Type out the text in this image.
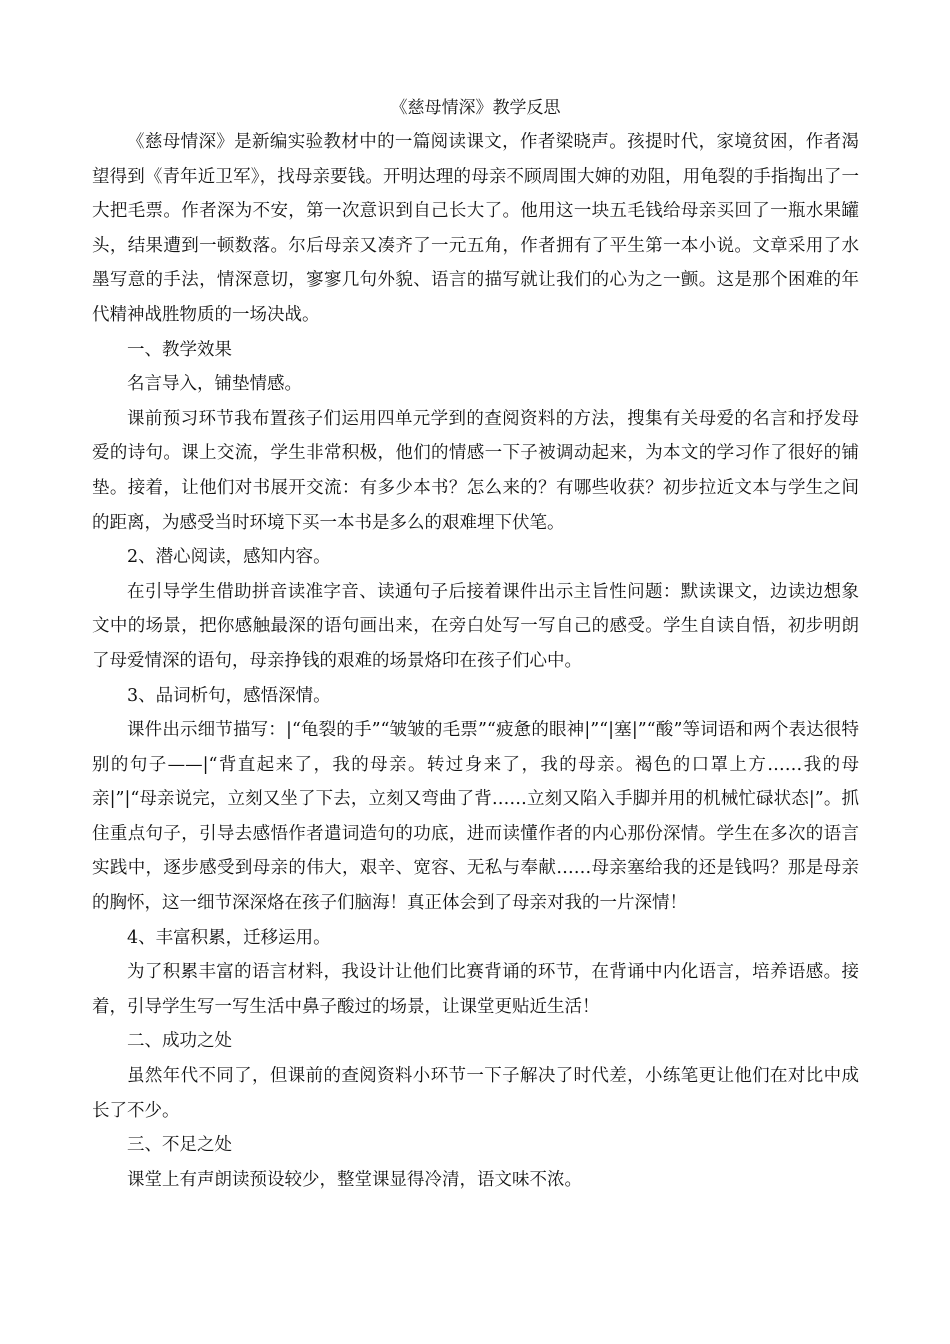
《慈母情深》教学反思

《慈母情深》是新编实验教材中的一篇阅读课文，作者梁晓声。孩提时代，家境贫困，作者渴望得到《青年近卫军》，找母亲要钱。开明达理的母亲不顾周围大婶的劝阻，用龟裂的手指掏出了一大把毛票。作者深为不安，第一次意识到自己长大了。他用这一块五毛钱给母亲买回了一瓶水果罐头，结果遭到一顿数落。尔后母亲又凑齐了一元五角，作者拥有了平生第一本小说。文章采用了水墨写意的手法，情深意切，寥寥几句外貌、语言的描写就让我们的心为之一颤。这是那个困难的年代精神战胜物质的一场决战。

一、教学效果

名言导入，铺垫情感。

课前预习环节我布置孩子们运用四单元学到的查阅资料的方法，搜集有关母爱的名言和抒发母爱的诗句。课上交流，学生非常积极，他们的情感一下子被调动起来，为本文的学习作了很好的铺垫。接着，让他们对书展开交流：有多少本书？怎么来的？有哪些收获？初步拉近文本与学生之间的距离，为感受当时环境下买一本书是多么的艰难埋下伏笔。

2、潜心阅读，感知内容。

在引导学生借助拼音读准字音、读通句子后接着课件出示主旨性问题：默读课文，边读边想象文中的场景，把你感触最深的语句画出来，在旁白处写一写自己的感受。学生自读自悟，初步明朗了母爱情深的语句，母亲挣钱的艰难的场景烙印在孩子们心中。

3、品词析句，感悟深情。

课件出示细节描写：|“龟裂的手”“皱皱的毛票”“疲惫的眼神|”“|塞|”“酸”等词语和两个表达很特别的句子——|“背直起来了，我的母亲。转过身来了，我的母亲。褐色的口罩上方……我的母亲|”|“母亲说完，立刻又坐了下去，立刻又弯曲了背……立刻又陷入手脚并用的机械忙碌状态|”。抓住重点句子，引导去感悟作者遣词造句的功底，进而读懂作者的内心那份深情。学生在多次的语言实践中，逐步感受到母亲的伟大，艰辛、宽容、无私与奉献……母亲塞给我的还是钱吗？那是母亲的胸怀，这一细节深深烙在孩子们脑海！真正体会到了母亲对我的一片深情！

4、丰富积累，迁移运用。

为了积累丰富的语言材料，我设计让他们比赛背诵的环节，在背诵中内化语言，培养语感。接着，引导学生写一写生活中鼻子酸过的场景，让课堂更贴近生活！

二、成功之处

虽然年代不同了，但课前的查阅资料小环节一下子解决了时代差，小练笔更让他们在对比中成长了不少。

三、不足之处

课堂上有声朗读预设较少，整堂课显得冷清，语文味不浓。
